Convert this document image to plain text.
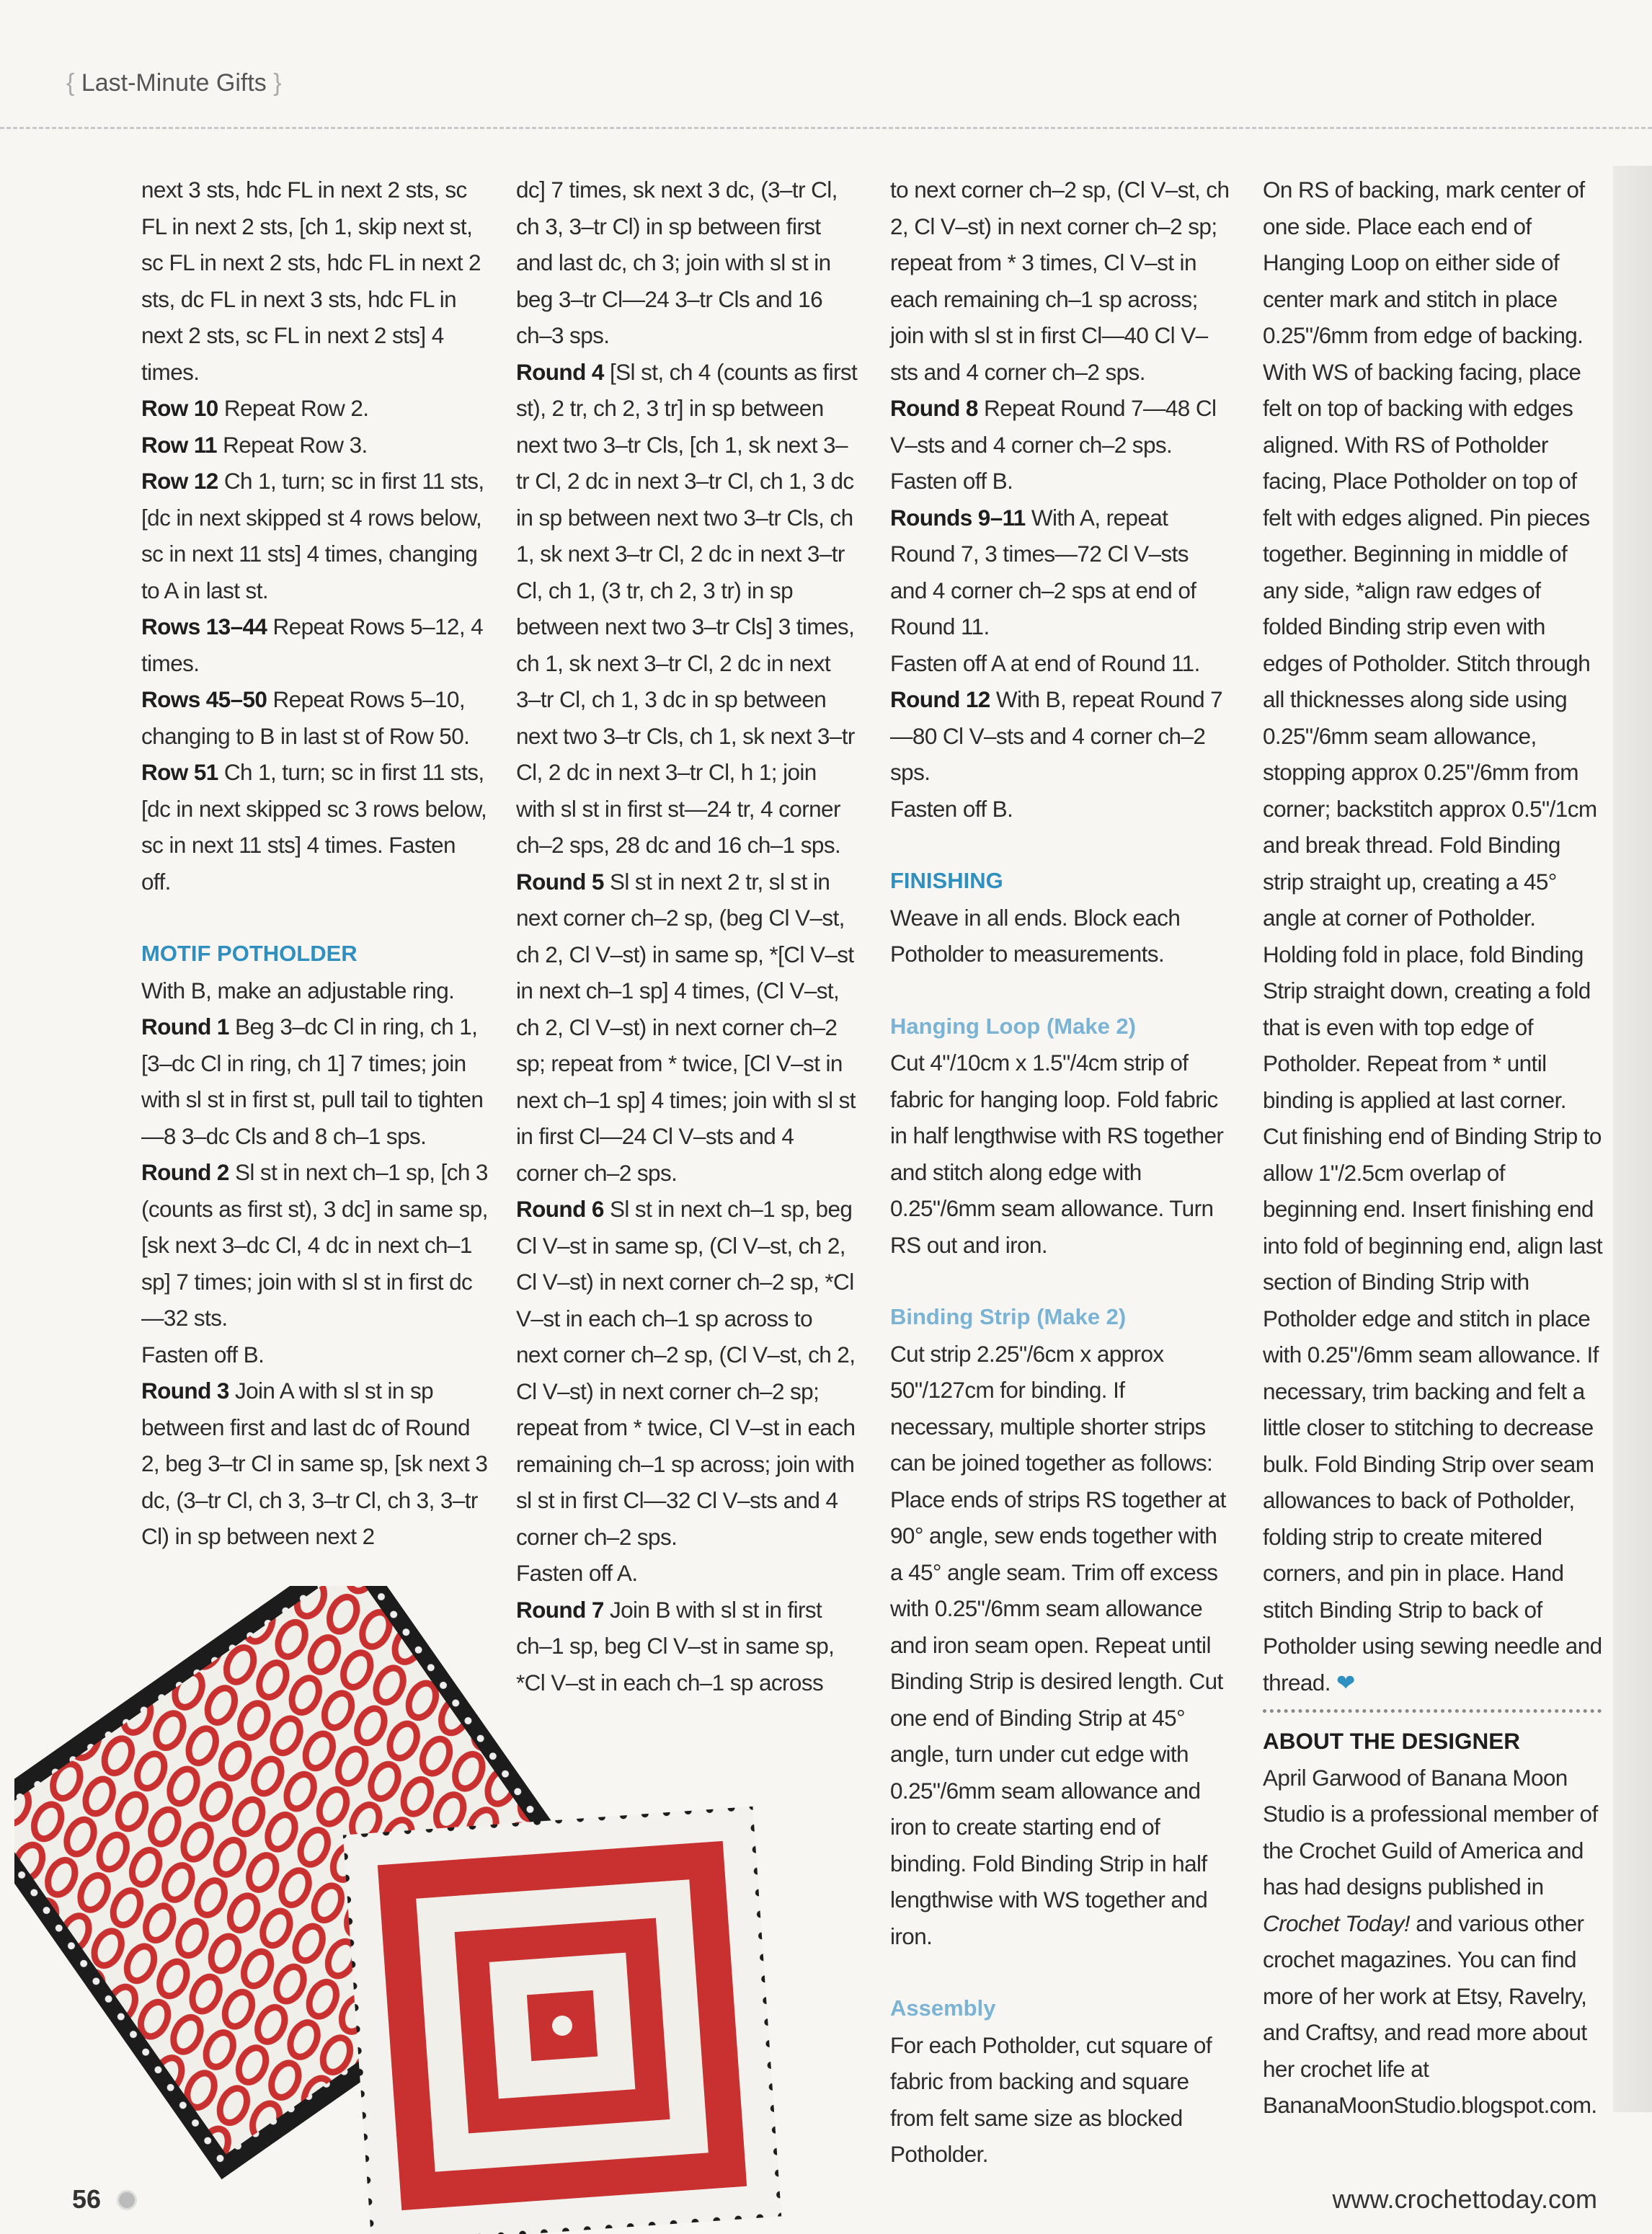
{ Last-Minute Gifts }

next 3 sts, hdc FL in next 2 sts, sc FL in next 2 sts, [ch 1, skip next st, sc FL in next 2 sts, hdc FL in next 2 sts, dc FL in next 3 sts, hdc FL in next 2 sts, sc FL in next 2 sts] 4 times.

Row 10 Repeat Row 2.

Row 11 Repeat Row 3.

Row 12 Ch 1, turn; sc in first 11 sts, [dc in next skipped st 4 rows below, sc in next 11 sts] 4 times, changing to A in last st.

Rows 13–44 Repeat Rows 5–12, 4 times.

Rows 45–50 Repeat Rows 5–10, changing to B in last st of Row 50.

Row 51 Ch 1, turn; sc in first 11 sts, [dc in next skipped sc 3 rows below, sc in next 11 sts] 4 times. Fasten off.

MOTIF POTHOLDER

With B, make an adjustable ring.

Round 1 Beg 3–dc Cl in ring, ch 1, [3–dc Cl in ring, ch 1] 7 times; join with sl st in first st, pull tail to tighten—8 3–dc Cls and 8 ch–1 sps.

Round 2 Sl st in next ch–1 sp, [ch 3 (counts as first st), 3 dc] in same sp, [sk next 3–dc Cl, 4 dc in next ch–1 sp] 7 times; join with sl st in first dc—32 sts.

Fasten off B.

Round 3 Join A with sl st in sp between first and last dc of Round 2, beg 3–tr Cl in same sp, [sk next 3 dc, (3–tr Cl, ch 3, 3–tr Cl, ch 3, 3–tr Cl) in sp between next 2

dc] 7 times, sk next 3 dc, (3–tr Cl, ch 3, 3–tr Cl) in sp between first and last dc, ch 3; join with sl st in beg 3–tr Cl—24 3–tr Cls and 16 ch–3 sps.

Round 4 [Sl st, ch 4 (counts as first st), 2 tr, ch 2, 3 tr] in sp between next two 3–tr Cls, [ch 1, sk next 3–tr Cl, 2 dc in next 3–tr Cl, ch 1, 3 dc in sp between next two 3–tr Cls, ch 1, sk next 3–tr Cl, 2 dc in next 3–tr Cl, ch 1, (3 tr, ch 2, 3 tr) in sp between next two 3–tr Cls] 3 times, ch 1, sk next 3–tr Cl, 2 dc in next 3–tr Cl, ch 1, 3 dc in sp between next two 3–tr Cls, ch 1, sk next 3–tr Cl, 2 dc in next 3–tr Cl, h 1; join with sl st in first st—24 tr, 4 corner ch–2 sps, 28 dc and 16 ch–1 sps.

Round 5 Sl st in next 2 tr, sl st in next corner ch–2 sp, (beg Cl V–st, ch 2, Cl V–st) in same sp, *[Cl V–st in next ch–1 sp] 4 times, (Cl V–st, ch 2, Cl V–st) in next corner ch–2 sp; repeat from * twice, [Cl V–st in next ch–1 sp] 4 times; join with sl st in first Cl—24 Cl V–sts and 4 corner ch–2 sps.

Round 6 Sl st in next ch–1 sp, beg Cl V–st in same sp, (Cl V–st, ch 2, Cl V–st) in next corner ch–2 sp, *Cl V–st in each ch–1 sp across to next corner ch–2 sp, (Cl V–st, ch 2, Cl V–st) in next corner ch–2 sp; repeat from * twice, Cl V–st in each remaining ch–1 sp across; join with sl st in first Cl—32 Cl V–sts and 4 corner ch–2 sps.

Fasten off A.

Round 7 Join B with sl st in first ch–1 sp, beg Cl V–st in same sp, *Cl V–st in each ch–1 sp across

to next corner ch–2 sp, (Cl V–st, ch 2, Cl V–st) in next corner ch–2 sp; repeat from * 3 times, Cl V–st in each remaining ch–1 sp across; join with sl st in first Cl—40 Cl V–sts and 4 corner ch–2 sps.

Round 8 Repeat Round 7—48 Cl V–sts and 4 corner ch–2 sps. Fasten off B.

Rounds 9–11 With A, repeat Round 7, 3 times—72 Cl V–sts and 4 corner ch–2 sps at end of Round 11.

Fasten off A at end of Round 11.

Round 12 With B, repeat Round 7—80 Cl V–sts and 4 corner ch–2 sps.

Fasten off B.

FINISHING

Weave in all ends. Block each Potholder to measurements.

Hanging Loop (Make 2)

Cut 4"/10cm x 1.5"/4cm strip of fabric for hanging loop. Fold fabric in half lengthwise with RS together and stitch along edge with 0.25"/6mm seam allowance. Turn RS out and iron.

Binding Strip (Make 2)

Cut strip 2.25"/6cm x approx 50"/127cm for binding. If necessary, multiple shorter strips can be joined together as follows: Place ends of strips RS together at 90° angle, sew ends together with a 45° angle seam. Trim off excess with 0.25"/6mm seam allowance and iron seam open. Repeat until Binding Strip is desired length. Cut one end of Binding Strip at 45° angle, turn under cut edge with 0.25"/6mm seam allowance and iron to create starting end of binding. Fold Binding Strip in half lengthwise with WS together and iron.

Assembly

For each Potholder, cut square of fabric from backing and square from felt same size as blocked Potholder.

On RS of backing, mark center of one side. Place each end of Hanging Loop on either side of center mark and stitch in place 0.25"/6mm from edge of backing. With WS of backing facing, place felt on top of backing with edges aligned. With RS of Potholder facing, Place Potholder on top of felt with edges aligned. Pin pieces together. Beginning in middle of any side, *align raw edges of folded Binding strip even with edges of Potholder. Stitch through all thicknesses along side using 0.25"/6mm seam allowance, stopping approx 0.25"/6mm from corner; backstitch approx 0.5"/1cm and break thread. Fold Binding strip straight up, creating a 45° angle at corner of Potholder. Holding fold in place, fold Binding Strip straight down, creating a fold that is even with top edge of Potholder. Repeat from * until binding is applied at last corner. Cut finishing end of Binding Strip to allow 1"/2.5cm overlap of beginning end. Insert finishing end into fold of beginning end, align last section of Binding Strip with Potholder edge and stitch in place with 0.25"/6mm seam allowance. If necessary, trim backing and felt a little closer to stitching to decrease bulk. Fold Binding Strip over seam allowances to back of Potholder, folding strip to create mitered corners, and pin in place. Hand stitch Binding Strip to back of Potholder using sewing needle and thread. ❤

ABOUT THE DESIGNER

April Garwood of Banana Moon Studio is a professional member of the Crochet Guild of America and has had designs published in Crochet Today! and various other crochet magazines. You can find more of her work at Etsy, Ravelry, and Craftsy, and read more about her crochet life at BananaMoonStudio.blogspot.com.

56	www.crochettoday.com
